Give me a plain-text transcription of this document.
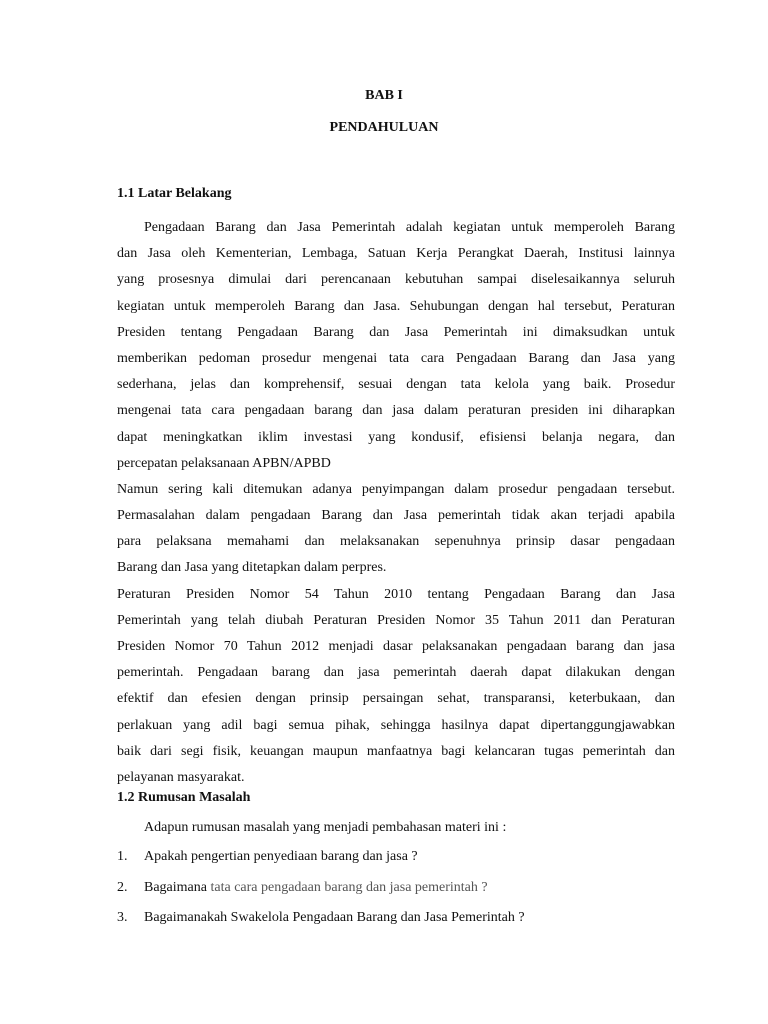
BAB I
PENDAHULUAN
1.1 Latar Belakang
Pengadaan Barang dan Jasa Pemerintah adalah kegiatan untuk memperoleh Barang
dan Jasa oleh Kementerian, Lembaga, Satuan Kerja Perangkat Daerah, Institusi lainnya
yang prosesnya dimulai dari perencanaan kebutuhan sampai diselesaikannya seluruh
kegiatan untuk memperoleh Barang dan Jasa. Sehubungan dengan hal tersebut, Peraturan
Presiden tentang Pengadaan Barang dan Jasa Pemerintah ini dimaksudkan untuk
memberikan pedoman prosedur mengenai tata cara Pengadaan Barang dan Jasa yang
sederhana, jelas dan komprehensif, sesuai dengan tata kelola yang baik. Prosedur
mengenai tata cara pengadaan barang dan jasa dalam peraturan presiden ini diharapkan
dapat meningkatkan iklim investasi yang kondusif, efisiensi belanja negara, dan
percepatan pelaksanaan APBN/APBD
Namun sering kali ditemukan adanya penyimpangan dalam prosedur pengadaan tersebut.
Permasalahan dalam pengadaan Barang dan Jasa pemerintah tidak akan terjadi apabila
para pelaksana memahami dan melaksanakan sepenuhnya prinsip dasar pengadaan
Barang dan Jasa yang ditetapkan dalam perpres.
Peraturan Presiden Nomor 54 Tahun 2010 tentang Pengadaan Barang dan Jasa
Pemerintah yang telah diubah Peraturan Presiden Nomor 35 Tahun 2011 dan Peraturan
Presiden Nomor 70 Tahun 2012 menjadi dasar pelaksanakan pengadaan barang dan jasa
pemerintah. Pengadaan barang dan jasa pemerintah daerah dapat dilakukan dengan
efektif dan efesien dengan prinsip persaingan sehat, transparansi, keterbukaan, dan
perlakuan yang adil bagi semua pihak, sehingga hasilnya dapat dipertanggungjawabkan
baik dari segi fisik, keuangan maupun manfaatnya bagi kelancaran tugas pemerintah dan
pelayanan masyarakat.
1.2 Rumusan Masalah
Adapun rumusan masalah yang menjadi pembahasan materi ini :
1. Apakah pengertian penyediaan barang dan jasa ?
2. Bagaimana tata cara pengadaan barang dan jasa pemerintah ?
3. Bagaimanakah Swakelola Pengadaan Barang dan Jasa Pemerintah ?
